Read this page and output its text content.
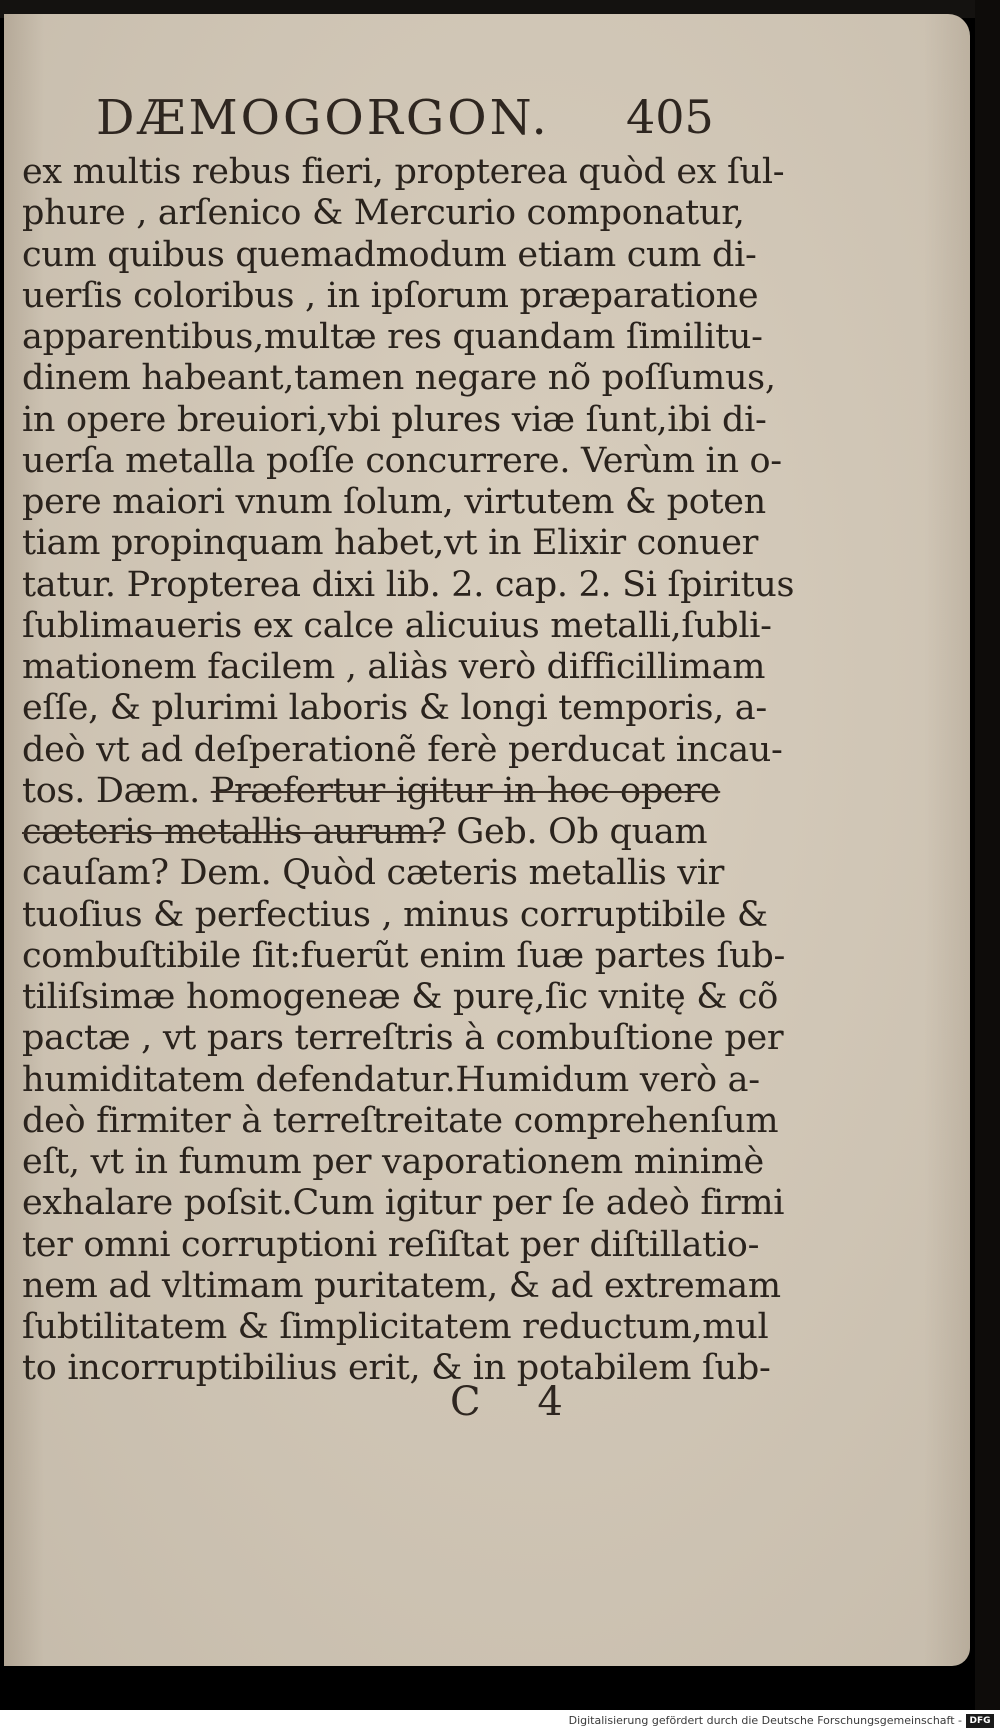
DÆMOGORGON. 405
ex multis rebus fieri, propterea quòd ex ſul-
phure , arſenico & Mercurio componatur,
cum quibus quemadmodum etiam cum di-
uerſis coloribus , in ipſorum præparatione
apparentibus,multæ res quandam ſimilitu-
dinem habeant,tamen negare nõ poſſumus,
in opere breuiori,vbi plures viæ ſunt,ibi di-
uerſa metalla poſſe concurrere. Verùm in o-
pere maiori vnum ſolum, virtutem & poten
tiam propinquam habet,vt in Elixir conuer
tatur. Propterea dixi lib. 2. cap. 2. Si ſpiritus
ſublimaueris ex calce alicuius metalli,ſubli-
mationem facilem , aliàs verò difficillimam
eſſe, & plurimi laboris & longi temporis, a-
deò vt ad deſperationẽ ferè perducat incau-
tos. Dæm. Præfertur igitur in hoc opere
cæteris metallis aurum? Geb. Ob quam
cauſam? Dem. Quòd cæteris metallis vir
tuoſius & perfectius , minus corruptibile &
combuſtibile ſit:fuerũt enim ſuæ partes ſub-
tiliſsimæ homogeneæ & purę,ſic vnitę & cõ
pactæ , vt pars terreſtris à combuſtione per
humiditatem defendatur.Humidum verò a-
deò firmiter à terreſtreitate comprehenſum
eſt, vt in fumum per vaporationem minimè
exhalare poſsit.Cum igitur per ſe adeò firmi
ter omni corruptioni reſiſtat per diſtillatio-
nem ad vltimam puritatem, & ad extremam
ſubtilitatem & ſimplicitatem reductum,mul
to incorruptibilius erit, & in potabilem ſub-
C 4
Digitalisierung gefördert durch die Deutsche Forschungsgemeinschaft - DFG
